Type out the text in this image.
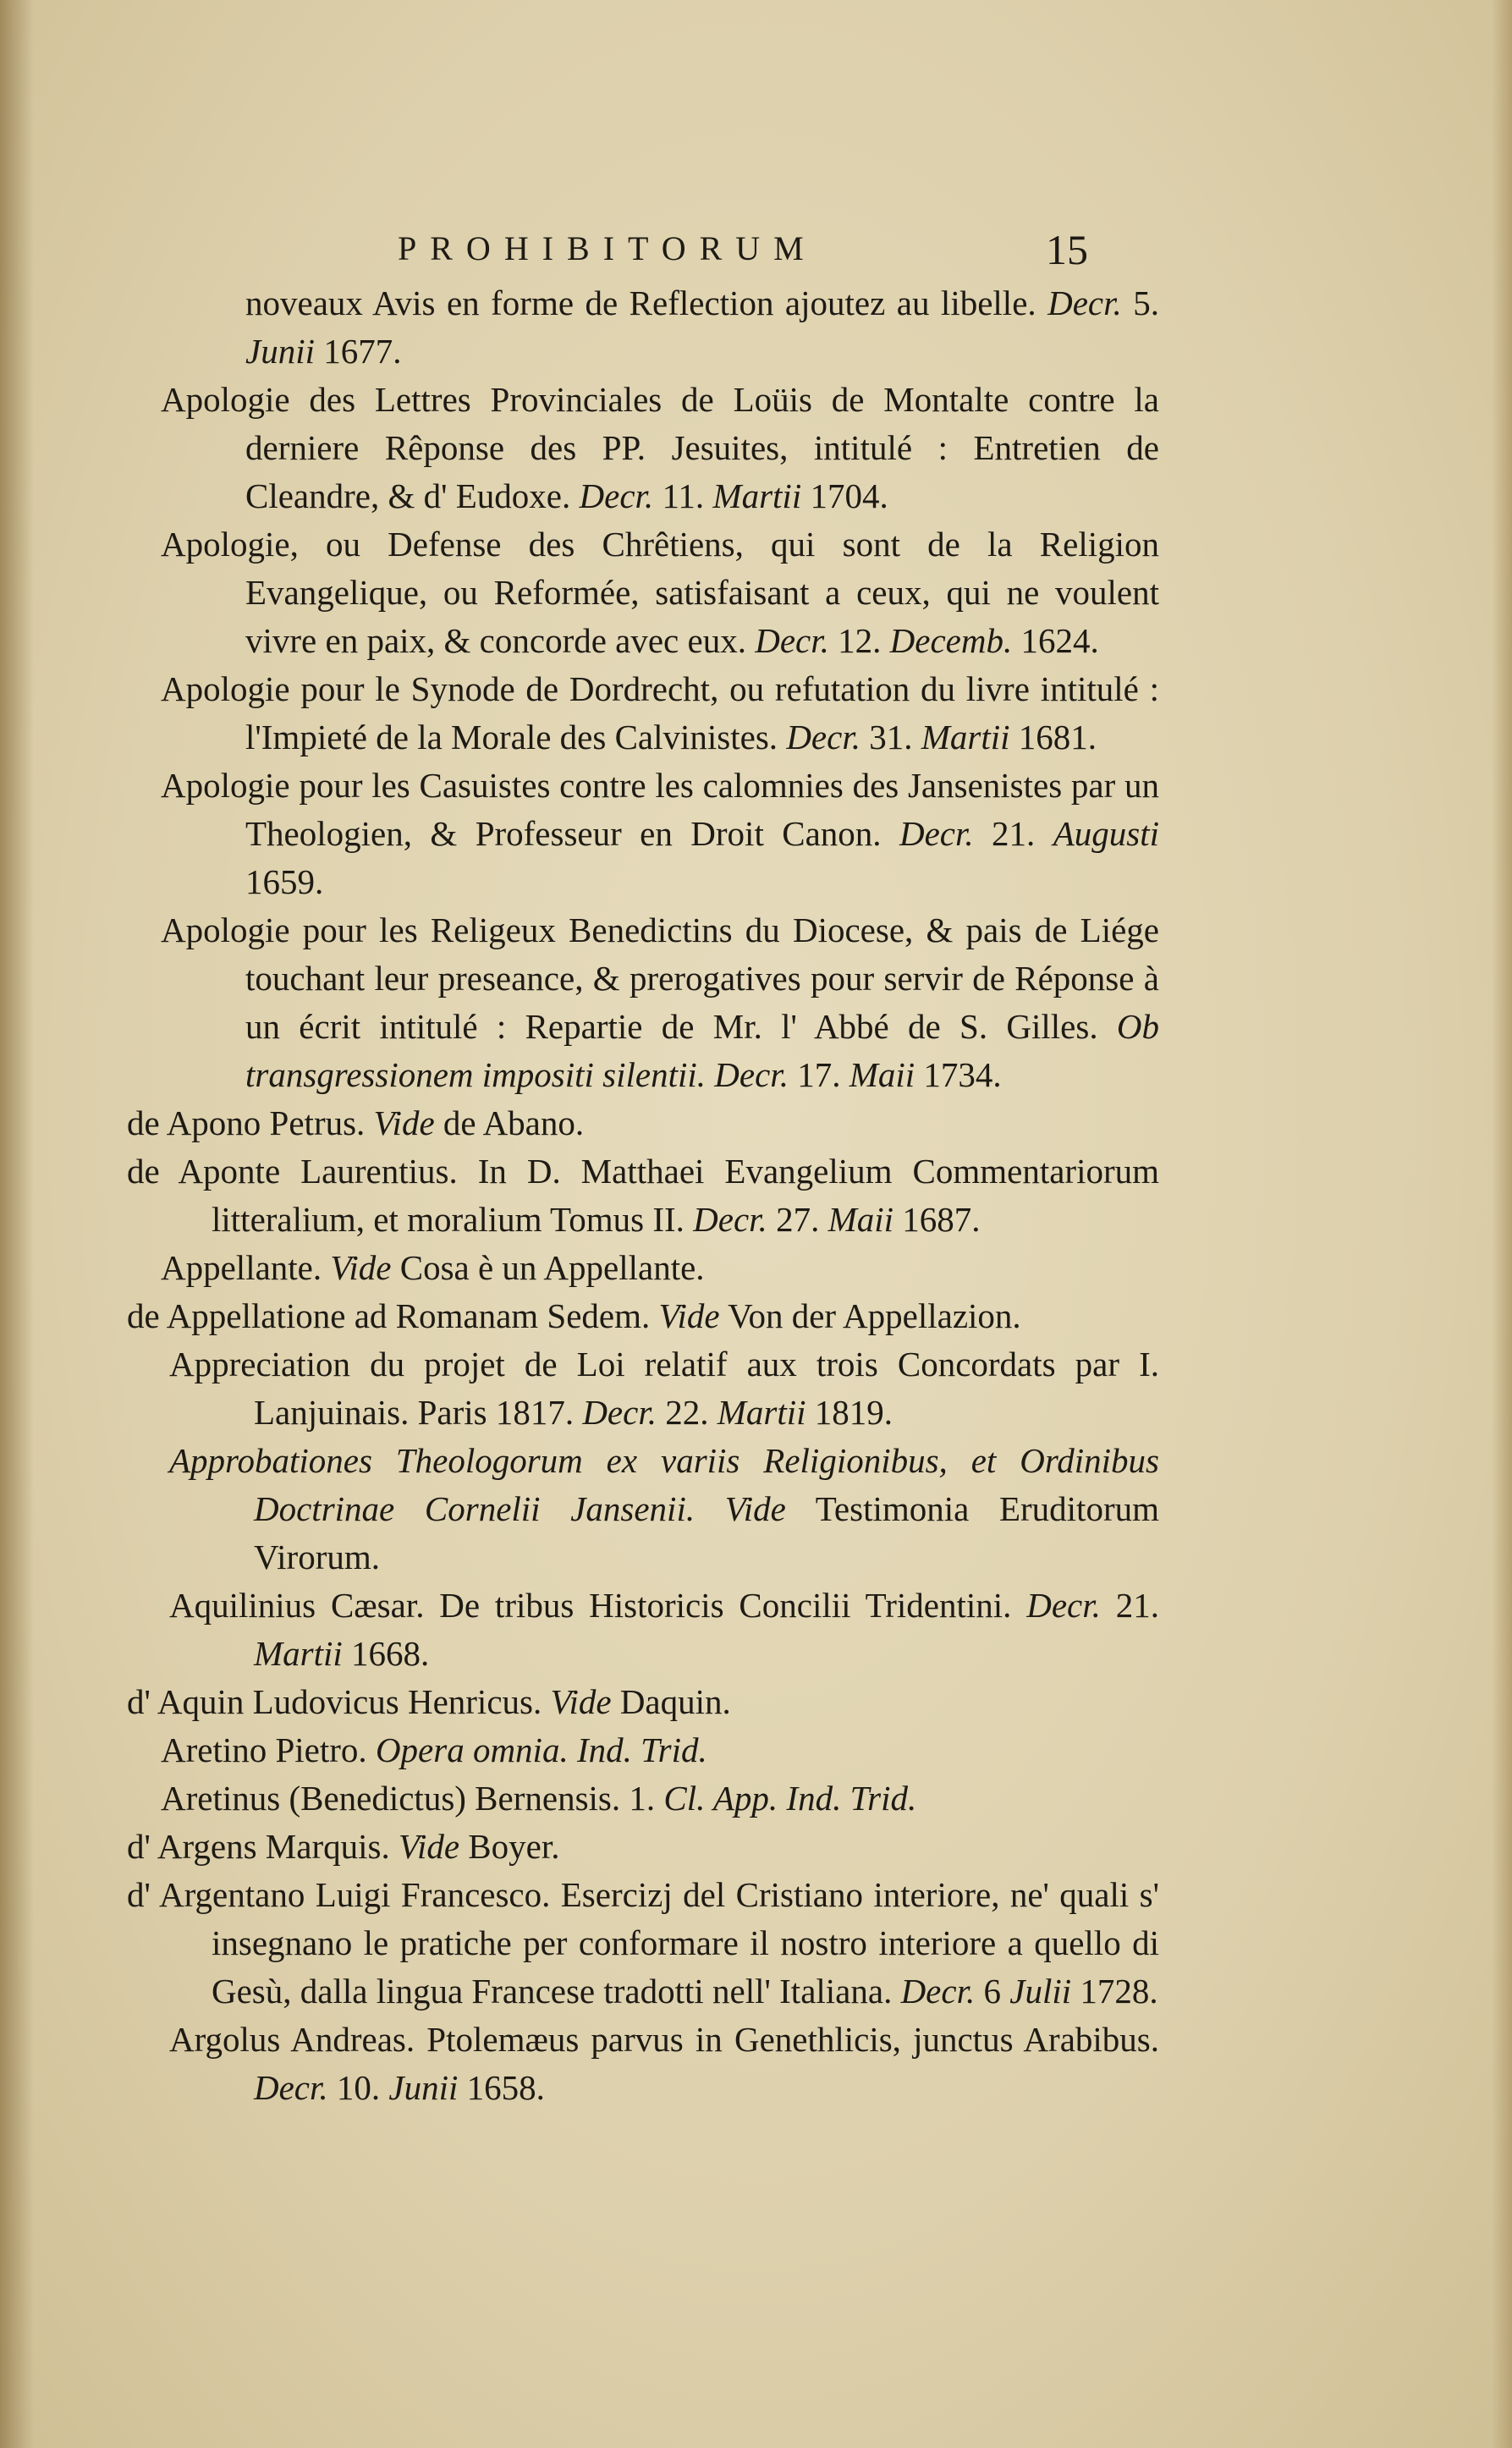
PROHIBITORUM	15

noveaux Avis en forme de Reflection ajoutez au libelle. Decr. 5. Junii 1677.

Apologie des Lettres Provinciales de Loüis de Montalte contre la derniere Rêponse des PP. Jesuites, intitulé : Entretien de Cleandre, & d' Eudoxe. Decr. 11. Martii 1704.

Apologie, ou Defense des Chrêtiens, qui sont de la Religion Evangelique, ou Reformée, satisfaisant a ceux, qui ne voulent vivre en paix, & concorde avec eux. Decr. 12. Decemb. 1624.

Apologie pour le Synode de Dordrecht, ou refutation du livre intitulé : l'Impieté de la Morale des Calvinistes. Decr. 31. Martii 1681.

Apologie pour les Casuistes contre les calomnies des Jansenistes par un Theologien, & Professeur en Droit Canon. Decr. 21. Augusti 1659.

Apologie pour les Religeux Benedictins du Diocese, & pais de Liége touchant leur preseance, & prerogatives pour servir de Réponse à un écrit intitulé : Repartie de Mr. l' Abbé de S. Gilles. Ob transgressionem impositi silentii. Decr. 17. Maii 1734.

de Apono Petrus. Vide de Abano.

de Aponte Laurentius. In D. Matthaei Evangelium Commentariorum litteralium, et moralium Tomus II. Decr. 27. Maii 1687.

Appellante. Vide Cosa è un Appellante.

de Appellatione ad Romanam Sedem. Vide Von der Appellazion.

Appreciation du projet de Loi relatif aux trois Concordats par I. Lanjuinais. Paris 1817. Decr. 22. Martii 1819.

Approbationes Theologorum ex variis Religionibus, et Ordinibus Doctrinae Cornelii Jansenii. Vide Testimonia Eruditorum Virorum.

Aquilinius Cæsar. De tribus Historicis Concilii Tridentini. Decr. 21. Martii 1668.

d' Aquin Ludovicus Henricus. Vide Daquin.

Aretino Pietro. Opera omnia. Ind. Trid.

Aretinus (Benedictus) Bernensis. 1. Cl. App. Ind. Trid.

d' Argens Marquis. Vide Boyer.

d' Argentano Luigi Francesco. Esercizj del Cristiano interiore, ne' quali s' insegnano le pratiche per conformare il nostro interiore a quello di Gesù, dalla lingua Francese tradotti nell' Italiana. Decr. 6 Julii 1728.

Argolus Andreas. Ptolemæus parvus in Genethlicis, junctus Arabibus. Decr. 10. Junii 1658.
